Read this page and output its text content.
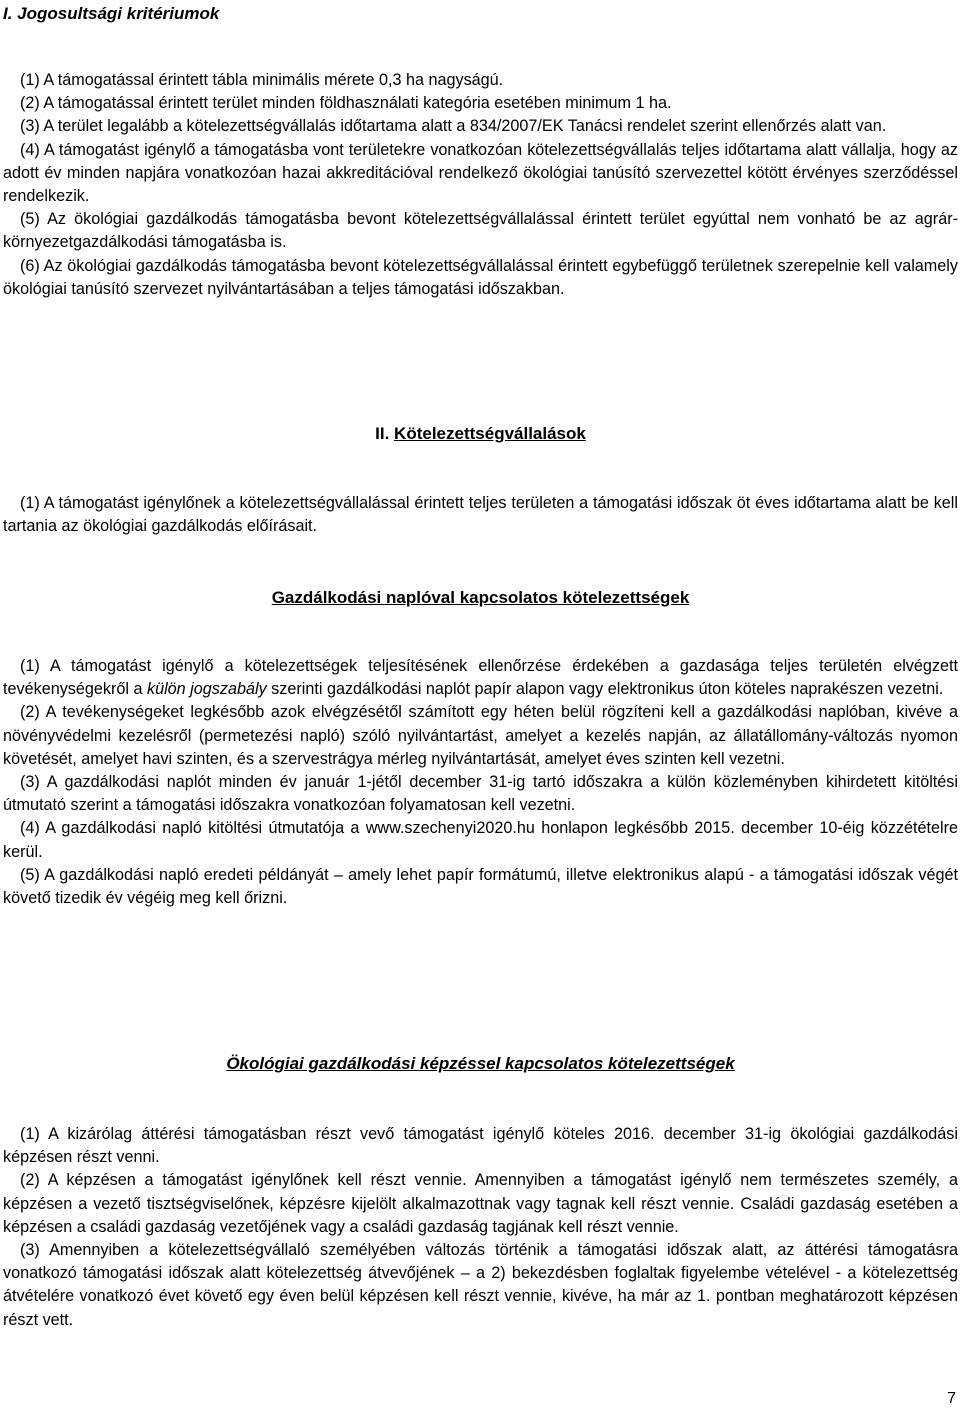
I. Jogosultsági kritériumok

(1) A támogatással érintett tábla minimális mérete 0,3 ha nagyságú.

(2) A támogatással érintett terület minden földhasználati kategória esetében minimum 1 ha.

(3) A terület legalább a kötelezettségvállalás időtartama alatt a 834/2007/EK Tanácsi rendelet szerint ellenőrzés alatt van.

(4) A támogatást igénylő a támogatásba vont területekre vonatkozóan kötelezettségvállalás teljes időtartama alatt vállalja, hogy az adott év minden napjára vonatkozóan hazai akkreditációval rendelkező ökológiai tanúsító szervezettel kötött érvényes szerződéssel rendelkezik.

(5) Az ökológiai gazdálkodás támogatásba bevont kötelezettségvállalással érintett terület egyúttal nem vonható be az agrár-környezetgazdálkodási támogatásba is.

(6) Az ökológiai gazdálkodás támogatásba bevont kötelezettségvállalással érintett egybefüggő területnek szerepelnie kell valamely ökológiai tanúsító szervezet nyilvántartásában a teljes támogatási időszakban.

II. Kötelezettségvállalások

(1) A támogatást igénylőnek a kötelezettségvállalással érintett teljes területen a támogatási időszak öt éves időtartama alatt be kell tartania az ökológiai gazdálkodás előírásait.

Gazdálkodási naplóval kapcsolatos kötelezettségek

(1) A támogatást igénylő a kötelezettségek teljesítésének ellenőrzése érdekében a gazdasága teljes területén elvégzett tevékenységekről a külön jogszabály szerinti gazdálkodási naplót papír alapon vagy elektronikus úton köteles naprakészen vezetni.

(2) A tevékenységeket legkésőbb azok elvégzésétől számított egy héten belül rögzíteni kell a gazdálkodási naplóban, kivéve a növényvédelmi kezelésről (permetezési napló) szóló nyilvántartást, amelyet a kezelés napján, az állatállomány-változás nyomon követését, amelyet havi szinten, és a szervestrágya mérleg nyilvántartását, amelyet éves szinten kell vezetni.

(3) A gazdálkodási naplót minden év január 1-jétől december 31-ig tartó időszakra a külön közleményben kihirdetett kitöltési útmutató szerint a támogatási időszakra vonatkozóan folyamatosan kell vezetni.

(4) A gazdálkodási napló kitöltési útmutatója a www.szechenyi2020.hu honlapon legkésőbb 2015. december 10-éig közzétételre kerül.

(5) A gazdálkodási napló eredeti példányát – amely lehet papír formátumú, illetve elektronikus alapú - a támogatási időszak végét követő tizedik év végéig meg kell őrizni.

Ökológiai gazdálkodási képzéssel kapcsolatos kötelezettségek

(1) A kizárólag áttérési támogatásban részt vevő támogatást igénylő köteles 2016. december 31-ig ökológiai gazdálkodási képzésen részt venni.

(2) A képzésen a támogatást igénylőnek kell részt vennie. Amennyiben a támogatást igénylő nem természetes személy, a képzésen a vezető tisztségviselőnek, képzésre kijelölt alkalmazottnak vagy tagnak kell részt vennie. Családi gazdaság esetében a képzésen a családi gazdaság vezetőjének vagy a családi gazdaság tagjának kell részt vennie.

(3) Amennyiben a kötelezettségvállaló személyében változás történik a támogatási időszak alatt, az áttérési támogatásra vonatkozó támogatási időszak alatt kötelezettség átvevőjének – a 2) bekezdésben foglaltak figyelembe vételével - a kötelezettség átvételére vonatkozó évet követő egy éven belül képzésen kell részt vennie, kivéve, ha már az 1. pontban meghatározott képzésen részt vett.

7
